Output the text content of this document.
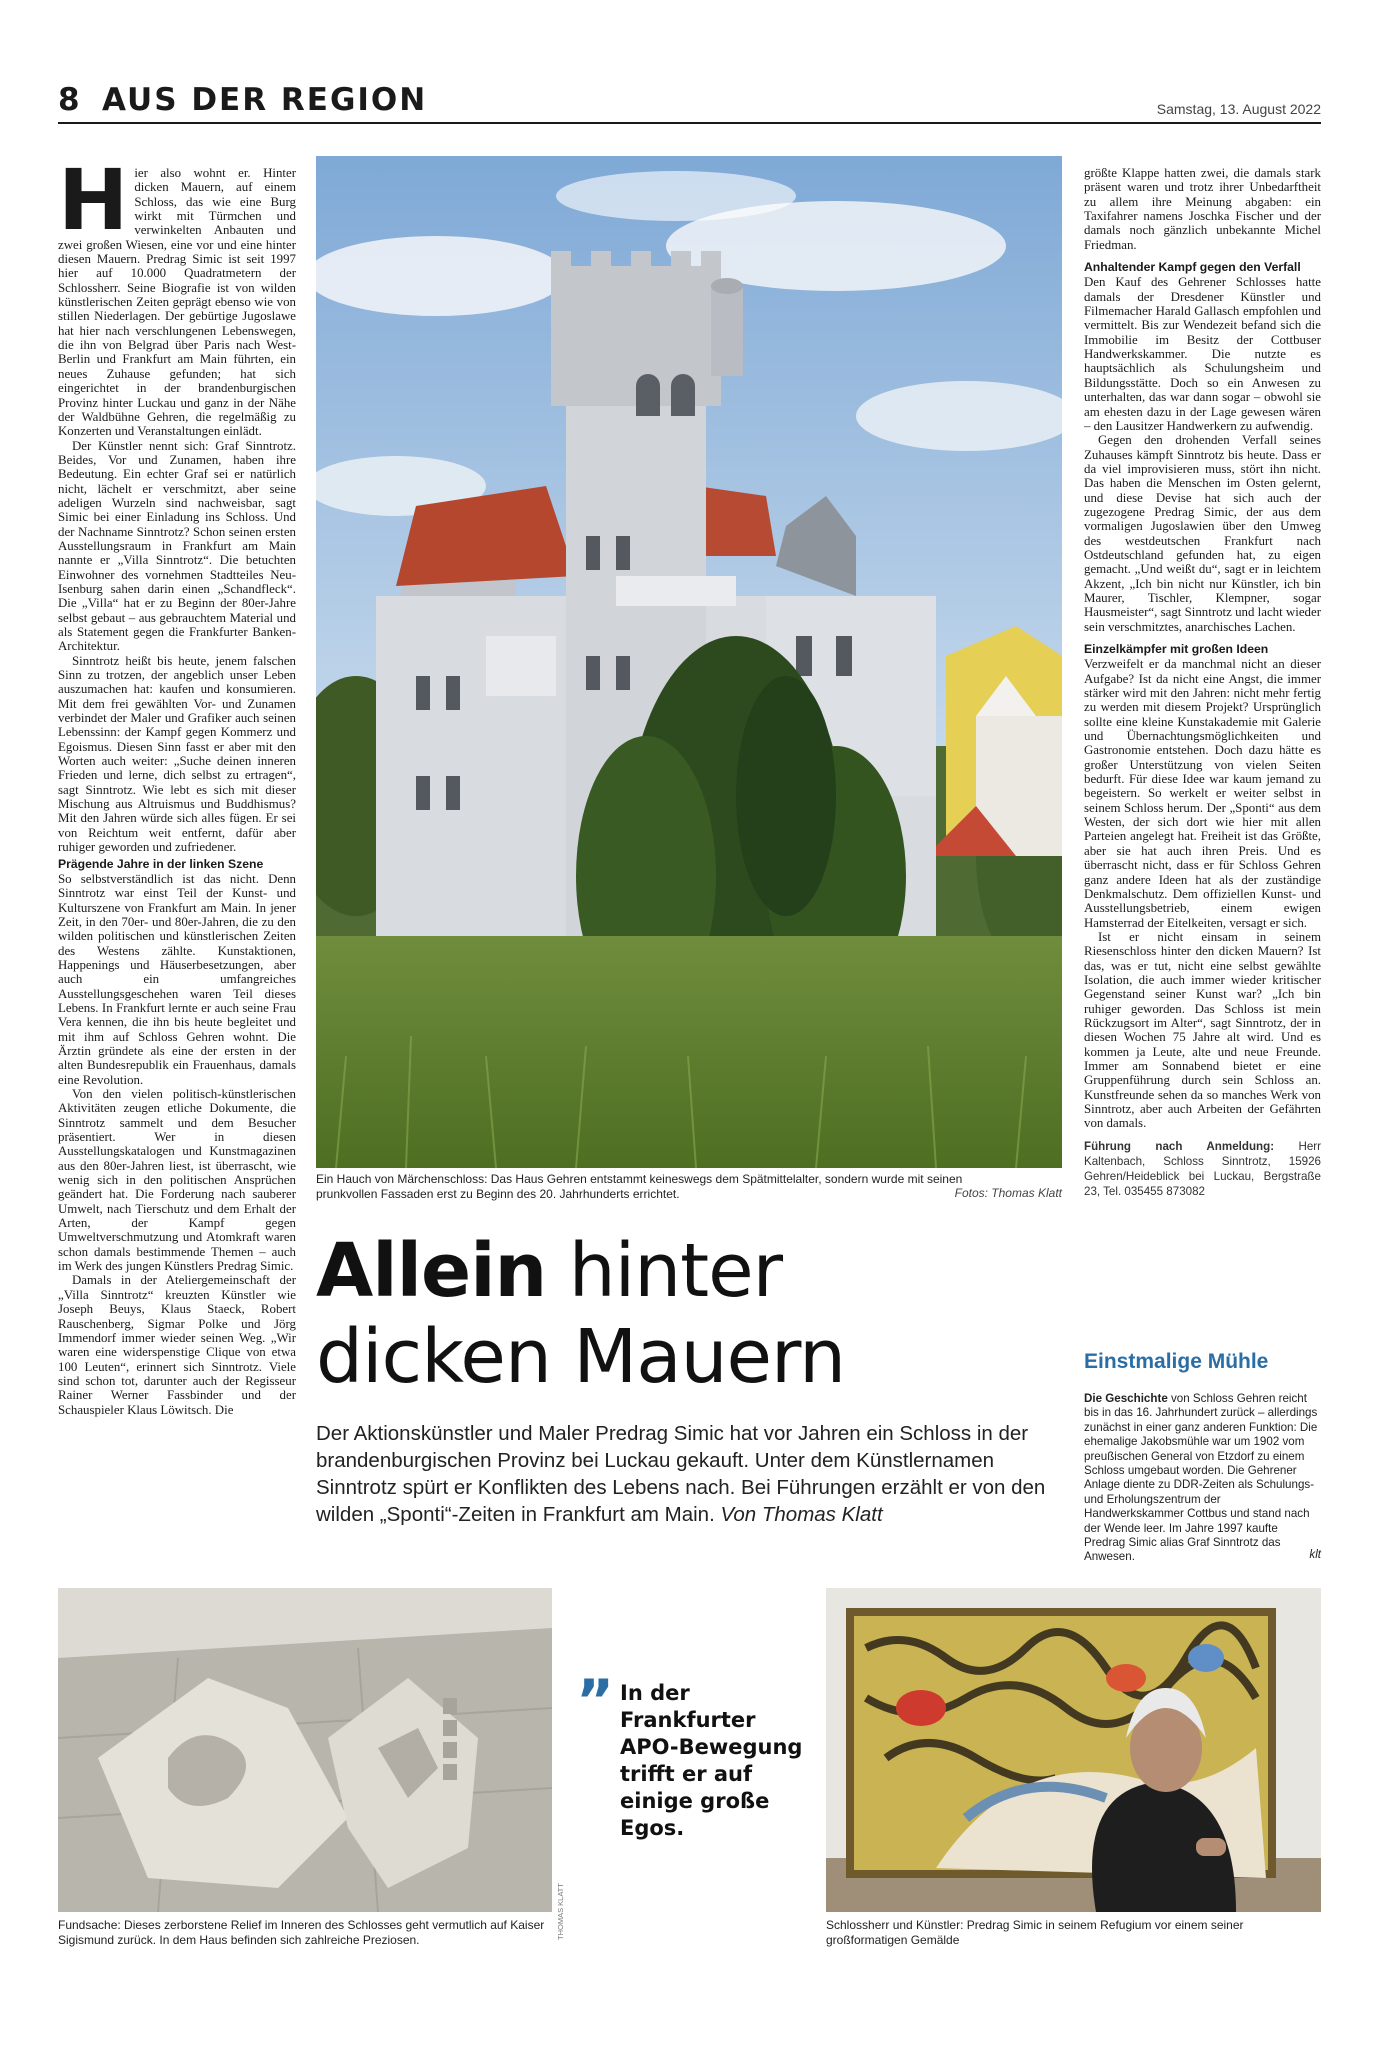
8 AUS DER REGION	Samstag, 13. August 2022
H ier also wohnt er. Hinter dicken Mauern, auf einem Schloss, das wie eine Burg wirkt mit Türmchen und verwinkelten Anbauten und zwei großen Wiesen, eine vor und eine hinter diesen Mauern. Predrag Simic ist seit 1997 hier auf 10.000 Quadratmetern der Schlossherr. Seine Biografie ist von wilden künstlerischen Zeiten geprägt ebenso wie von stillen Niederlagen. Der gebürtige Jugoslawe hat hier nach verschlungenen Lebenswegen, die ihn von Belgrad über Paris nach West-Berlin und Frankfurt am Main führten, ein neues Zuhause gefunden; hat sich eingerichtet in der brandenburgischen Provinz hinter Luckau und ganz in der Nähe der Waldbühne Gehren, die regelmäßig zu Konzerten und Veranstaltungen einlädt.

Der Künstler nennt sich: Graf Sinntrotz. Beides, Vor und Zunamen, haben ihre Bedeutung. Ein echter Graf sei er natürlich nicht, lächelt er verschmitzt, aber seine adeligen Wurzeln sind nachweisbar, sagt Simic bei einer Einladung ins Schloss. Und der Nachname Sinntrotz? Schon seinen ersten Ausstellungsraum in Frankfurt am Main nannte er „Villa Sinntrotz“. Die betuchten Einwohner des vornehmen Stadtteiles Neu-Isenburg sahen darin einen „Schandfleck“. Die „Villa“ hat er zu Beginn der 80er-Jahre selbst gebaut – aus gebrauchtem Material und als Statement gegen die Frankfurter Banken-Architektur.

Sinntrotz heißt bis heute, jenem falschen Sinn zu trotzen, der angeblich unser Leben auszumachen hat: kaufen und konsumieren. Mit dem frei gewählten Vor- und Zunamen verbindet der Maler und Grafiker auch seinen Lebenssinn: der Kampf gegen Kommerz und Egoismus. Diesen Sinn fasst er aber mit den Worten auch weiter: „Suche deinen inneren Frieden und lerne, dich selbst zu ertragen“, sagt Sinntrotz. Wie lebt es sich mit dieser Mischung aus Altruismus und Buddhismus? Mit den Jahren würde sich alles fügen. Er sei von Reichtum weit entfernt, dafür aber ruhiger geworden und zufriedener.

Prägende Jahre in der linken Szene

So selbstverständlich ist das nicht. Denn Sinntrotz war einst Teil der Kunst- und Kulturszene von Frankfurt am Main. In jener Zeit, in den 70er- und 80er-Jahren, die zu den wilden politischen und künstlerischen Zeiten des Westens zählte. Kunstaktionen, Happenings und Häuserbesetzungen, aber auch ein umfangreiches Ausstellungsgeschehen waren Teil dieses Lebens. In Frankfurt lernte er auch seine Frau Vera kennen, die ihn bis heute begleitet und mit ihm auf Schloss Gehren wohnt. Die Ärztin gründete als eine der ersten in der alten Bundesrepublik ein Frauenhaus, damals eine Revolution.

Von den vielen politisch-künstlerischen Aktivitäten zeugen etliche Dokumente, die Sinntrotz sammelt und dem Besucher präsentiert. Wer in diesen Ausstellungskatalogen und Kunstmagazinen aus den 80er-Jahren liest, ist überrascht, wie wenig sich in den politischen Ansprüchen geändert hat. Die Forderung nach sauberer Umwelt, nach Tierschutz und dem Erhalt der Arten, der Kampf gegen Umweltverschmutzung und Atomkraft waren schon damals bestimmende Themen – auch im Werk des jungen Künstlers Predrag Simic.

Damals in der Ateliergemeinschaft der „Villa Sinntrotz“ kreuzten Künstler wie Joseph Beuys, Klaus Staeck, Robert Rauschenberg, Sigmar Polke und Jörg Immendorf immer wieder seinen Weg. „Wir waren eine widerspenstige Clique von etwa 100 Leuten“, erinnert sich Sinntrotz. Viele sind schon tot, darunter auch der Regisseur Rainer Werner Fassbinder und der Schauspieler Klaus Löwitsch. Die

Ein Hauch von Märchenschloss: Das Haus Gehren entstammt keineswegs dem Spätmittelalter, sondern wurde mit seinen prunkvollen Fassaden erst zu Beginn des 20. Jahrhunderts errichtet.	Fotos: Thomas Klatt

größte Klappe hatten zwei, die damals stark präsent waren und trotz ihrer Unbedarftheit zu allem ihre Meinung abgaben: ein Taxifahrer namens Joschka Fischer und der damals noch gänzlich unbekannte Michel Friedman.

Anhaltender Kampf gegen den Verfall

Den Kauf des Gehrener Schlosses hatte damals der Dresdener Künstler und Filmemacher Harald Gallasch empfohlen und vermittelt. Bis zur Wendezeit befand sich die Immobilie im Besitz der Cottbuser Handwerkskammer. Die nutzte es hauptsächlich als Schulungsheim und Bildungsstätte. Doch so ein Anwesen zu unterhalten, das war dann sogar – obwohl sie am ehesten dazu in der Lage gewesen wären – den Lausitzer Handwerkern zu aufwendig.

Gegen den drohenden Verfall seines Zuhauses kämpft Sinntrotz bis heute. Dass er da viel improvisieren muss, stört ihn nicht. Das haben die Menschen im Osten gelernt, und diese Devise hat sich auch der zugezogene Predrag Simic, der aus dem vormaligen Jugoslawien über den Umweg des westdeutschen Frankfurt nach Ostdeutschland gefunden hat, zu eigen gemacht. „Und weißt du“, sagt er in leichtem Akzent, „Ich bin nicht nur Künstler, ich bin Maurer, Tischler, Klempner, sogar Hausmeister“, sagt Sinntrotz und lacht wieder sein verschmitztes, anarchisches Lachen.

Einzelkämpfer mit großen Ideen

Verzweifelt er da manchmal nicht an dieser Aufgabe? Ist da nicht eine Angst, die immer stärker wird mit den Jahren: nicht mehr fertig zu werden mit diesem Projekt? Ursprünglich sollte eine kleine Kunstakademie mit Galerie und Übernachtungsmöglichkeiten und Gastronomie entstehen. Doch dazu hätte es großer Unterstützung von vielen Seiten bedurft. Für diese Idee war kaum jemand zu begeistern. So werkelt er weiter selbst in seinem Schloss herum. Der „Sponti“ aus dem Westen, der sich dort wie hier mit allen Parteien angelegt hat. Freiheit ist das Größte, aber sie hat auch ihren Preis. Und es überrascht nicht, dass er für Schloss Gehren ganz andere Ideen hat als der zuständige Denkmalschutz. Dem offiziellen Kunst- und Ausstellungsbetrieb, einem ewigen Hamsterrad der Eitelkeiten, versagt er sich.

Ist er nicht einsam in seinem Riesenschloss hinter den dicken Mauern? Ist das, was er tut, nicht eine selbst gewählte Isolation, die auch immer wieder kritischer Gegenstand seiner Kunst war? „Ich bin ruhiger geworden. Das Schloss ist mein Rückzugsort im Alter“, sagt Sinntrotz, der in diesen Wochen 75 Jahre alt wird. Und es kommen ja Leute, alte und neue Freunde. Immer am Sonnabend bietet er eine Gruppenführung durch sein Schloss an. Kunstfreunde sehen da so manches Werk von Sinntrotz, aber auch Arbeiten der Gefährten von damals.

Führung nach Anmeldung: Herr Kaltenbach, Schloss Sinntrotz, 15926 Gehren/Heideblick bei Luckau, Bergstraße 23, Tel. 035455 873082
Allein hinter
dicken Mauern
Der Aktionskünstler und Maler Predrag Simic hat vor Jahren ein Schloss in der brandenburgischen Provinz bei Luckau gekauft. Unter dem Künstlernamen Sinntrotz spürt er Konflikten des Lebens nach. Bei Führungen erzählt er von den wilden „Sponti“-Zeiten in Frankfurt am Main. Von Thomas Klatt
Einstmalige Mühle
Die Geschichte von Schloss Gehren reicht bis in das 16. Jahrhundert zurück – allerdings zunächst in einer ganz anderen Funktion: Die ehemalige Jakobsmühle war um 1902 vom preußischen General von Etzdorf zu einem Schloss umgebaut worden. Die Gehrener Anlage diente zu DDR-Zeiten als Schulungs- und Erholungszentrum der Handwerkskammer Cottbus und stand nach der Wende leer. Im Jahre 1997 kaufte Predrag Simic alias Graf Sinntrotz das Anwesen.	klt
THOMAS KLATT
Fundsache: Dieses zerborstene Relief im Inneren des Schlosses geht vermutlich auf Kaiser Sigismund zurück. In dem Haus befinden sich zahlreiche Preziosen.
” In der Frankfurter APO-Bewegung trifft er auf einige große Egos.
Schlossherr und Künstler: Predrag Simic in seinem Refugium vor einem seiner großformatigen Gemälde
